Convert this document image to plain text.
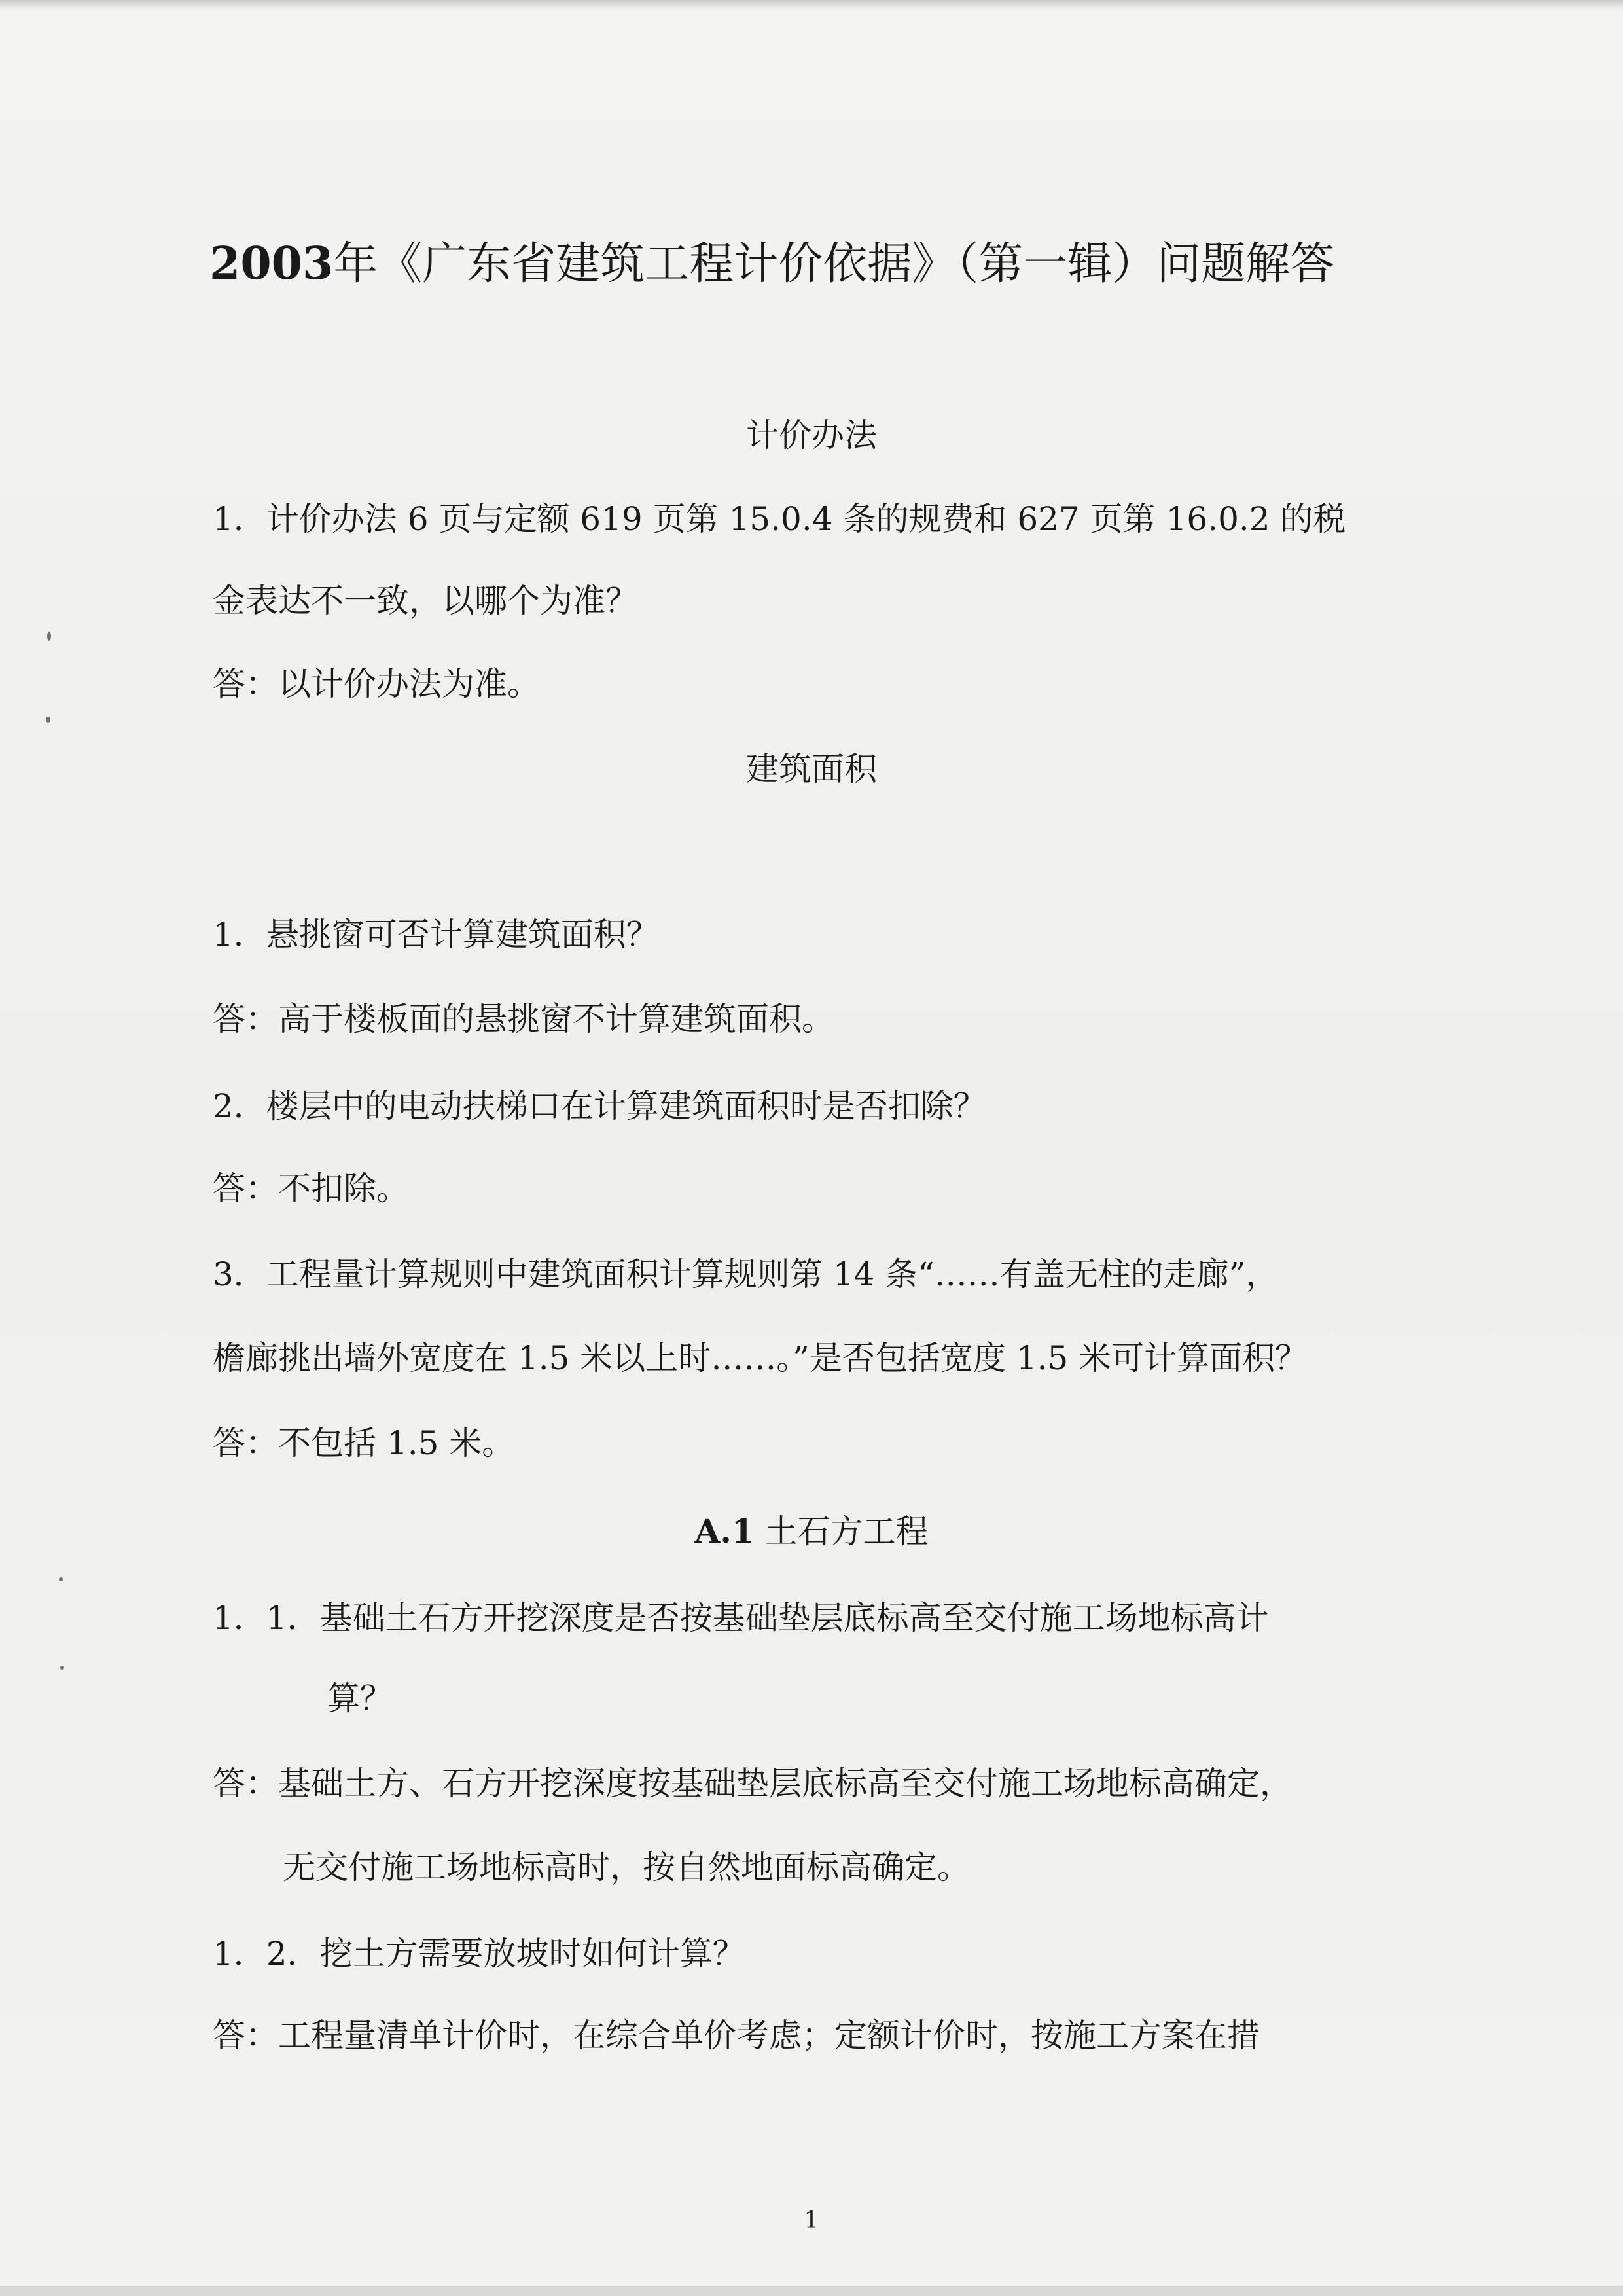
2003年《广东省建筑工程计价依据》（第一辑）问题解答
计价办法
1．计价办法 6 页与定额 619 页第 15.0.4 条的规费和 627 页第 16.0.2 的税
金表达不一致，以哪个为准？
答：以计价办法为准。
建筑面积
1．悬挑窗可否计算建筑面积？
答：高于楼板面的悬挑窗不计算建筑面积。
2．楼层中的电动扶梯口在计算建筑面积时是否扣除？
答：不扣除。
3．工程量计算规则中建筑面积计算规则第 14 条“……有盖无柱的走廊”，
檐廊挑出墙外宽度在 1.5 米以上时……。”是否包括宽度 1.5 米可计算面积？
答：不包括 1.5 米。
A.1 土石方工程
1．1．基础土石方开挖深度是否按基础垫层底标高至交付施工场地标高计
算？
答：基础土方、石方开挖深度按基础垫层底标高至交付施工场地标高确定，
无交付施工场地标高时，按自然地面标高确定。
1．2．挖土方需要放坡时如何计算？
答：工程量清单计价时，在综合单价考虑；定额计价时，按施工方案在措
1
